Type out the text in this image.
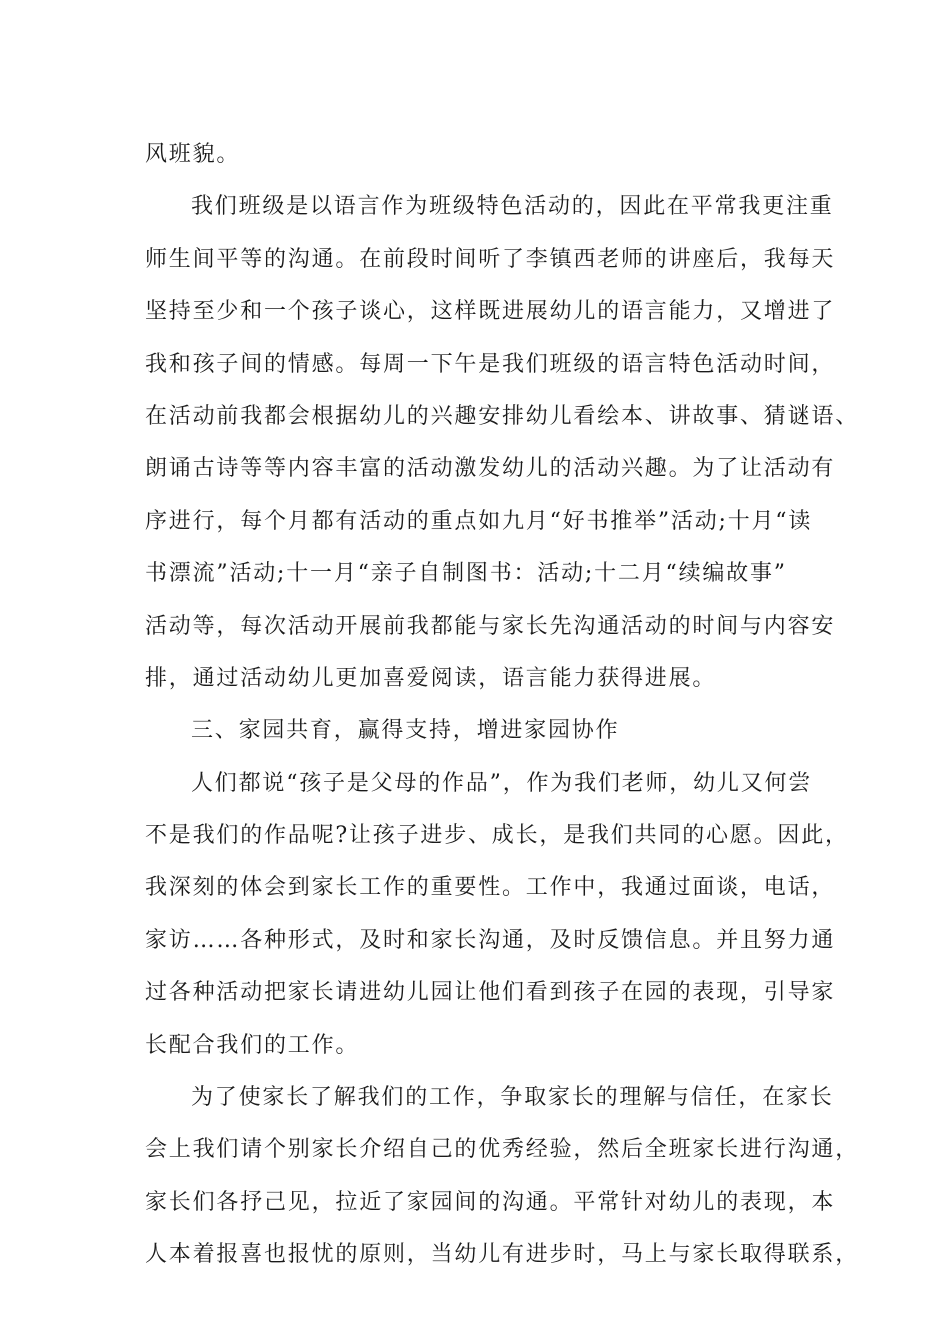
风班貌。
我们班级是以语言作为班级特色活动的，因此在平常我更注重
师生间平等的沟通。在前段时间听了李镇西老师的讲座后，我每天
坚持至少和一个孩子谈心，这样既进展幼儿的语言能力，又增进了
我和孩子间的情感。每周一下午是我们班级的语言特色活动时间，
在活动前我都会根据幼儿的兴趣安排幼儿看绘本、讲故事、猜谜语、
朗诵古诗等等内容丰富的活动激发幼儿的活动兴趣。为了让活动有
序进行，每个月都有活动的重点如九月“好书推举”活动;十月“读
书漂流”活动;十一月“亲子自制图书：活动;十二月“续编故事”
活动等，每次活动开展前我都能与家长先沟通活动的时间与内容安
排，通过活动幼儿更加喜爱阅读，语言能力获得进展。
三、家园共育，赢得支持，增进家园协作
人们都说“孩子是父母的作品”，作为我们老师，幼儿又何尝
不是我们的作品呢?让孩子进步、成长，是我们共同的心愿。因此，
我深刻的体会到家长工作的重要性。工作中，我通过面谈，电话，
家访……各种形式，及时和家长沟通，及时反馈信息。并且努力通
过各种活动把家长请进幼儿园让他们看到孩子在园的表现，引导家
长配合我们的工作。
为了使家长了解我们的工作，争取家长的理解与信任，在家长
会上我们请个别家长介绍自己的优秀经验，然后全班家长进行沟通，
家长们各抒己见，拉近了家园间的沟通。平常针对幼儿的表现，本
人本着报喜也报忧的原则，当幼儿有进步时，马上与家长取得联系，
